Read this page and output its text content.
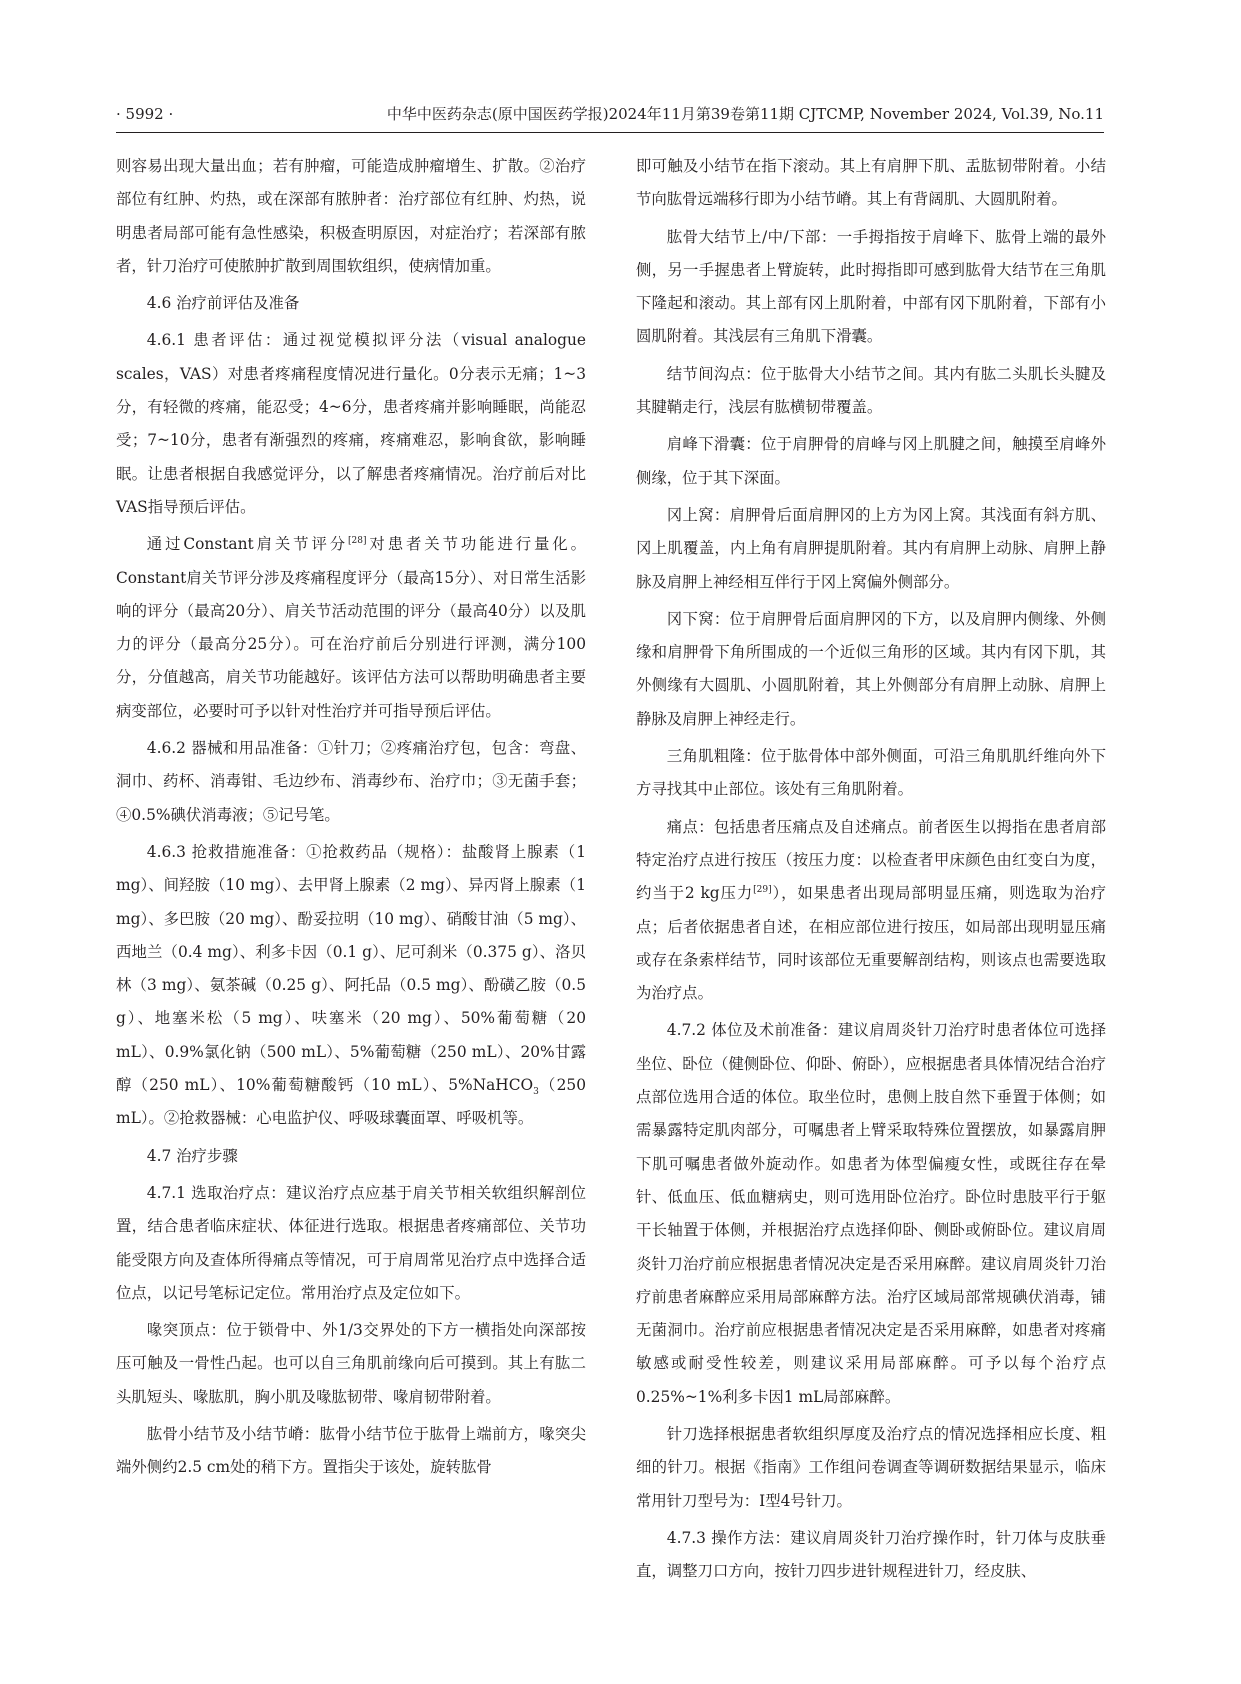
· 5992 ·	中华中医药杂志(原中国医药学报)2024年11月第39卷第11期 CJTCMP, November 2024, Vol.39, No.11

则容易出现大量出血；若有肿瘤，可能造成肿瘤增生、扩散。②治疗部位有红肿、灼热，或在深部有脓肿者：治疗部位有红肿、灼热，说明患者局部可能有急性感染，积极查明原因，对症治疗；若深部有脓者，针刀治疗可使脓肿扩散到周围软组织，使病情加重。

4.6 治疗前评估及准备

4.6.1 患者评估：通过视觉模拟评分法（visual analogue scales，VAS）对患者疼痛程度情况进行量化。0分表示无痛；1~3分，有轻微的疼痛，能忍受；4~6分，患者疼痛并影响睡眠，尚能忍受；7~10分，患者有渐强烈的疼痛，疼痛难忍，影响食欲，影响睡眠。让患者根据自我感觉评分，以了解患者疼痛情况。治疗前后对比VAS指导预后评估。

通过Constant肩关节评分[28]对患者关节功能进行量化。Constant肩关节评分涉及疼痛程度评分（最高15分）、对日常生活影响的评分（最高20分）、肩关节活动范围的评分（最高40分）以及肌力的评分（最高分25分）。可在治疗前后分别进行评测，满分100分，分值越高，肩关节功能越好。该评估方法可以帮助明确患者主要病变部位，必要时可予以针对性治疗并可指导预后评估。

4.6.2 器械和用品准备：①针刀；②疼痛治疗包，包含：弯盘、洞巾、药杯、消毒钳、毛边纱布、消毒纱布、治疗巾；③无菌手套；④0.5%碘伏消毒液；⑤记号笔。

4.6.3 抢救措施准备：①抢救药品（规格）：盐酸肾上腺素（1 mg）、间羟胺（10 mg）、去甲肾上腺素（2 mg）、异丙肾上腺素（1 mg）、多巴胺（20 mg）、酚妥拉明（10 mg）、硝酸甘油（5 mg）、西地兰（0.4 mg）、利多卡因（0.1 g）、尼可刹米（0.375 g）、洛贝林（3 mg）、氨茶碱（0.25 g）、阿托品（0.5 mg）、酚磺乙胺（0.5 g）、地塞米松（5 mg）、呋塞米（20 mg）、50%葡萄糖（20 mL）、0.9%氯化钠（500 mL）、5%葡萄糖（250 mL）、20%甘露醇（250 mL）、10%葡萄糖酸钙（10 mL）、5%NaHCO$_3$（250 mL）。②抢救器械：心电监护仪、呼吸球囊面罩、呼吸机等。

4.7 治疗步骤

4.7.1 选取治疗点：建议治疗点应基于肩关节相关软组织解剖位置，结合患者临床症状、体征进行选取。根据患者疼痛部位、关节功能受限方向及查体所得痛点等情况，可于肩周常见治疗点中选择合适位点，以记号笔标记定位。常用治疗点及定位如下。

喙突顶点：位于锁骨中、外1/3交界处的下方一横指处向深部按压可触及一骨性凸起。也可以自三角肌前缘向后可摸到。其上有肱二头肌短头、喙肱肌，胸小肌及喙肱韧带、喙肩韧带附着。

肱骨小结节及小结节嵴：肱骨小结节位于肱骨上端前方，喙突尖端外侧约2.5 cm处的稍下方。置指尖于该处，旋转肱骨

即可触及小结节在指下滚动。其上有肩胛下肌、盂肱韧带附着。小结节向肱骨远端移行即为小结节嵴。其上有背阔肌、大圆肌附着。

肱骨大结节上/中/下部：一手拇指按于肩峰下、肱骨上端的最外侧，另一手握患者上臂旋转，此时拇指即可感到肱骨大结节在三角肌下隆起和滚动。其上部有冈上肌附着，中部有冈下肌附着，下部有小圆肌附着。其浅层有三角肌下滑囊。

结节间沟点：位于肱骨大小结节之间。其内有肱二头肌长头腱及其腱鞘走行，浅层有肱横韧带覆盖。

肩峰下滑囊：位于肩胛骨的肩峰与冈上肌腱之间，触摸至肩峰外侧缘，位于其下深面。

冈上窝：肩胛骨后面肩胛冈的上方为冈上窝。其浅面有斜方肌、冈上肌覆盖，内上角有肩胛提肌附着。其内有肩胛上动脉、肩胛上静脉及肩胛上神经相互伴行于冈上窝偏外侧部分。

冈下窝：位于肩胛骨后面肩胛冈的下方，以及肩胛内侧缘、外侧缘和肩胛骨下角所围成的一个近似三角形的区域。其内有冈下肌，其外侧缘有大圆肌、小圆肌附着，其上外侧部分有肩胛上动脉、肩胛上静脉及肩胛上神经走行。

三角肌粗隆：位于肱骨体中部外侧面，可沿三角肌肌纤维向外下方寻找其中止部位。该处有三角肌附着。

痛点：包括患者压痛点及自述痛点。前者医生以拇指在患者肩部特定治疗点进行按压（按压力度：以检查者甲床颜色由红变白为度，约当于2 kg压力[29]），如果患者出现局部明显压痛，则选取为治疗点；后者依据患者自述，在相应部位进行按压，如局部出现明显压痛或存在条索样结节，同时该部位无重要解剖结构，则该点也需要选取为治疗点。

4.7.2 体位及术前准备：建议肩周炎针刀治疗时患者体位可选择坐位、卧位（健侧卧位、仰卧、俯卧），应根据患者具体情况结合治疗点部位选用合适的体位。取坐位时，患侧上肢自然下垂置于体侧；如需暴露特定肌肉部分，可嘱患者上臂采取特殊位置摆放，如暴露肩胛下肌可嘱患者做外旋动作。如患者为体型偏瘦女性，或既往存在晕针、低血压、低血糖病史，则可选用卧位治疗。卧位时患肢平行于躯干长轴置于体侧，并根据治疗点选择仰卧、侧卧或俯卧位。建议肩周炎针刀治疗前应根据患者情况决定是否采用麻醉。建议肩周炎针刀治疗前患者麻醉应采用局部麻醉方法。治疗区域局部常规碘伏消毒，铺无菌洞巾。治疗前应根据患者情况决定是否采用麻醉，如患者对疼痛敏感或耐受性较差，则建议采用局部麻醉。可予以每个治疗点0.25%~1%利多卡因1 mL局部麻醉。

针刀选择根据患者软组织厚度及治疗点的情况选择相应长度、粗细的针刀。根据《指南》工作组问卷调查等调研数据结果显示，临床常用针刀型号为：Ⅰ型4号针刀。

4.7.3 操作方法：建议肩周炎针刀治疗操作时，针刀体与皮肤垂直，调整刀口方向，按针刀四步进针规程进针刀，经皮肤、
